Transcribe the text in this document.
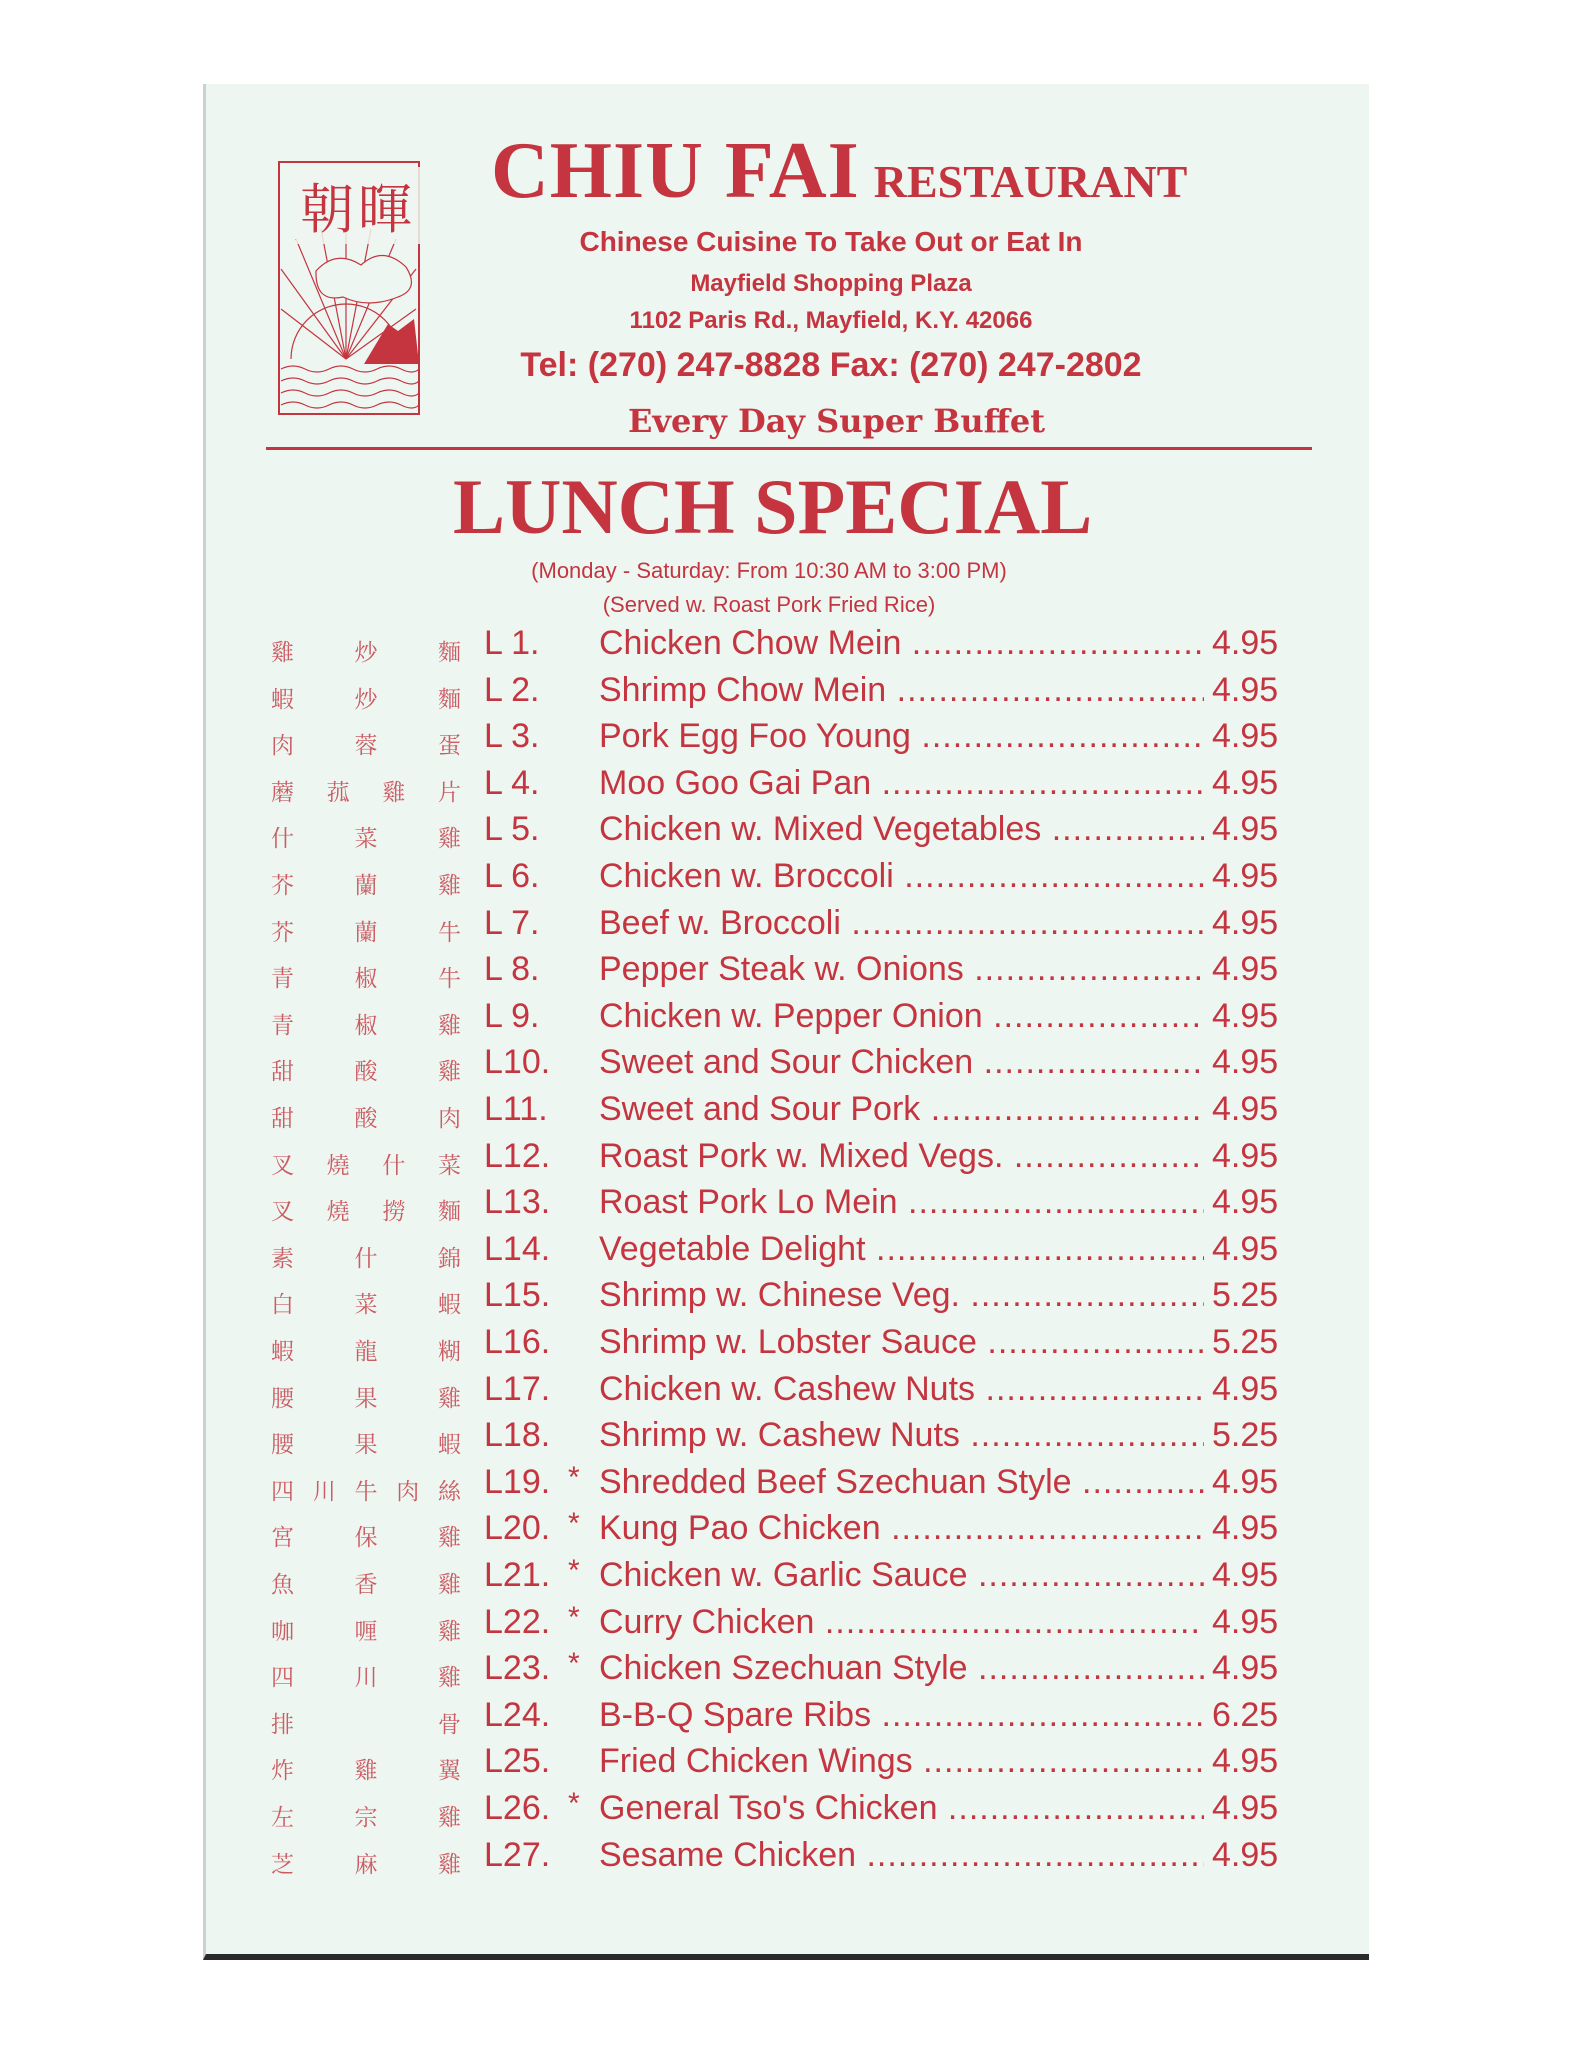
朝暉 CHIU FAI RESTAURANT
Chinese Cuisine To Take Out or Eat In
Mayfield Shopping Plaza
1102 Paris Rd., Mayfield, K.Y. 42066
Tel: (270) 247-8828 Fax: (270) 247-2802
Every Day Super Buffet
LUNCH SPECIAL
(Monday - Saturday: From 10:30 AM to 3:00 PM)
(Served w. Roast Pork Fried Rice)
雞	炒	麵 L 1. Chicken Chow Mein .....	4.95
蝦	炒	麵 L 2. Shrimp Chow Mein .....	4.95
肉	蓉	蛋 L 3. Pork Egg Foo Young .....	4.95
蘑 菰 雞 片 L 4. Moo Goo Gai Pan .....	4.95
什	菜	雞 L 5. Chicken w. Mixed Vegetables .....	4.95
芥	蘭	雞 L 6. Chicken w. Broccoli .....	4.95
芥	蘭	牛 L 7. Beef w. Broccoli .....	4.95
青	椒	牛 L 8. Pepper Steak w. Onions .....	4.95
青	椒	雞 L 9. Chicken w. Pepper Onion .....	4.95
甜	酸	雞 L10. Sweet and Sour Chicken .....	4.95
甜	酸	肉 L11. Sweet and Sour Pork .....	4.95
叉 燒 什 菜 L12. Roast Pork w. Mixed Vegs. .....	4.95
叉 燒 撈 麵 L13. Roast Pork Lo Mein .....	4.95
素	什	錦 L14. Vegetable Delight .....	4.95
白	菜	蝦 L15. Shrimp w. Chinese Veg. .....	5.25
蝦	龍	糊 L16. Shrimp w. Lobster Sauce .....	5.25
腰	果	雞 L17. Chicken w. Cashew Nuts .....	4.95
腰	果	蝦 L18. Shrimp w. Cashew Nuts .....	5.25
四 川 牛 肉 絲 L19. * Shredded Beef Szechuan Style .....	4.95
宮	保	雞 L20. * Kung Pao Chicken .....	4.95
魚	香	雞 L21. * Chicken w. Garlic Sauce .....	4.95
咖	喱	雞 L22. * Curry Chicken .....	4.95
四	川	雞 L23. * Chicken Szechuan Style .....	4.95
排	骨 L24. B-B-Q Spare Ribs .....	6.25
炸	雞	翼 L25. Fried Chicken Wings .....	4.95
左	宗	雞 L26. * General Tso's Chicken .....	4.95
芝	麻	雞 L27. Sesame Chicken .....	4.95
